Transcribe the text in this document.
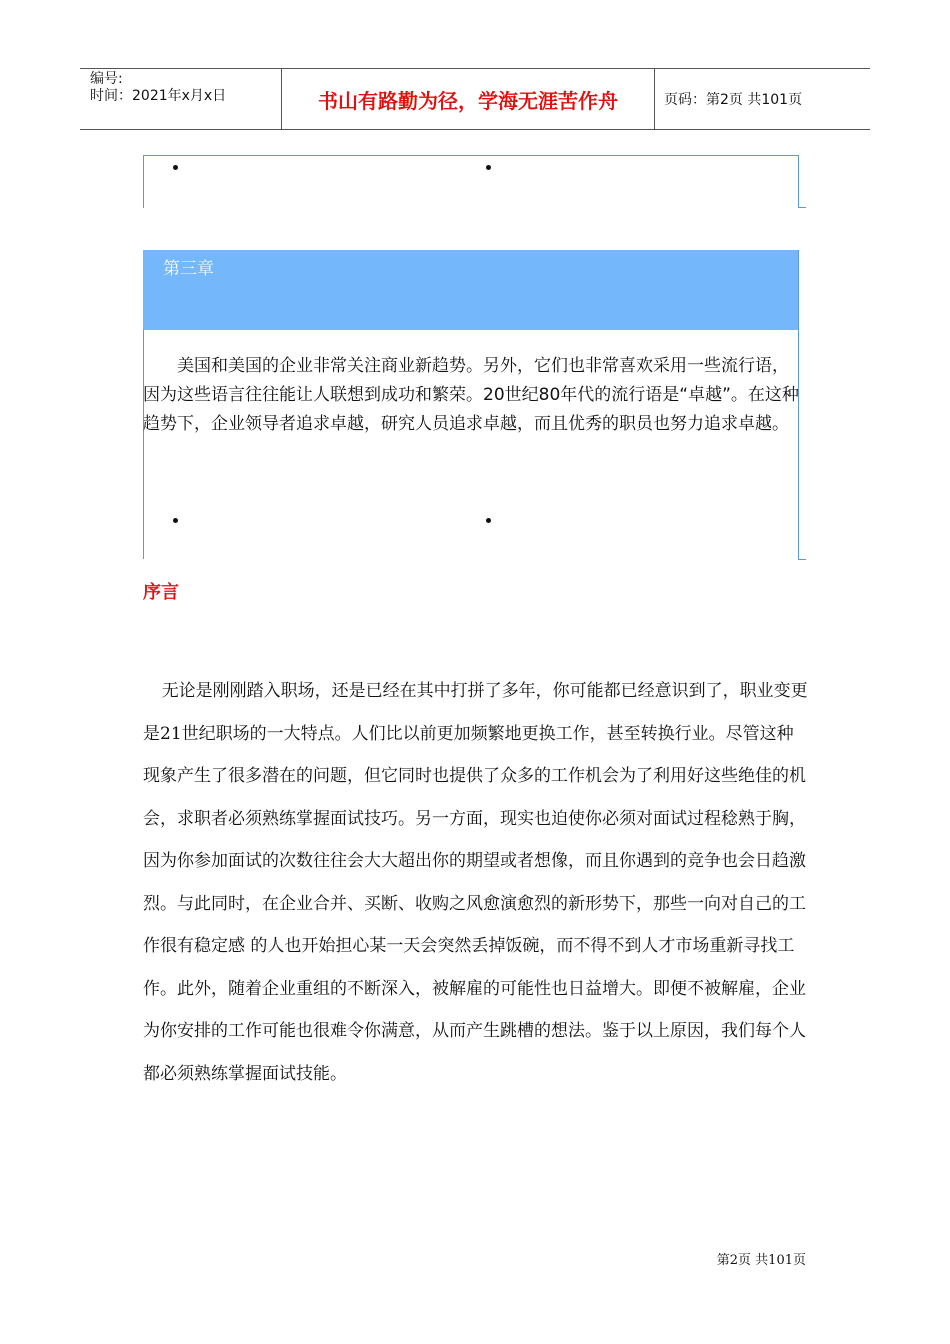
编号:
时间：2021年x月x日	书山有路勤为径，学海无涯苦作舟	页码：第2页 共101页
第三章

美国和美国的企业非常关注商业新趋势。另外，它们也非常喜欢采用一些流行语，因为这些语言往往能让人联想到成功和繁荣。20世纪80年代的流行语是“卓越”。在这种趋势下，企业领导者追求卓越，研究人员追求卓越，而且优秀的职员也努力追求卓越。

序言

无论是刚刚踏入职场，还是已经在其中打拼了多年，你可能都已经意识到了，职业变更是21世纪职场的一大特点。人们比以前更加频繁地更换工作，甚至转换行业。尽管这种现象产生了很多潜在的问题，但它同时也提供了众多的工作机会为了利用好这些绝佳的机会，求职者必须熟练掌握面试技巧。另一方面，现实也迫使你必须对面试过程稔熟于胸，因为你参加面试的次数往往会大大超出你的期望或者想像，而且你遇到的竞争也会日趋激烈。与此同时，在企业合并、买断、收购之风愈演愈烈的新形势下，那些一向对自己的工作很有稳定感 的人也开始担心某一天会突然丢掉饭碗，而不得不到人才市场重新寻找工作。此外，随着企业重组的不断深入，被解雇的可能性也日益增大。即便不被解雇，企业为你安排的工作可能也很难令你满意，从而产生跳槽的想法。鉴于以上原因，我们每个人都必须熟练掌握面试技能。

第2页 共101页
